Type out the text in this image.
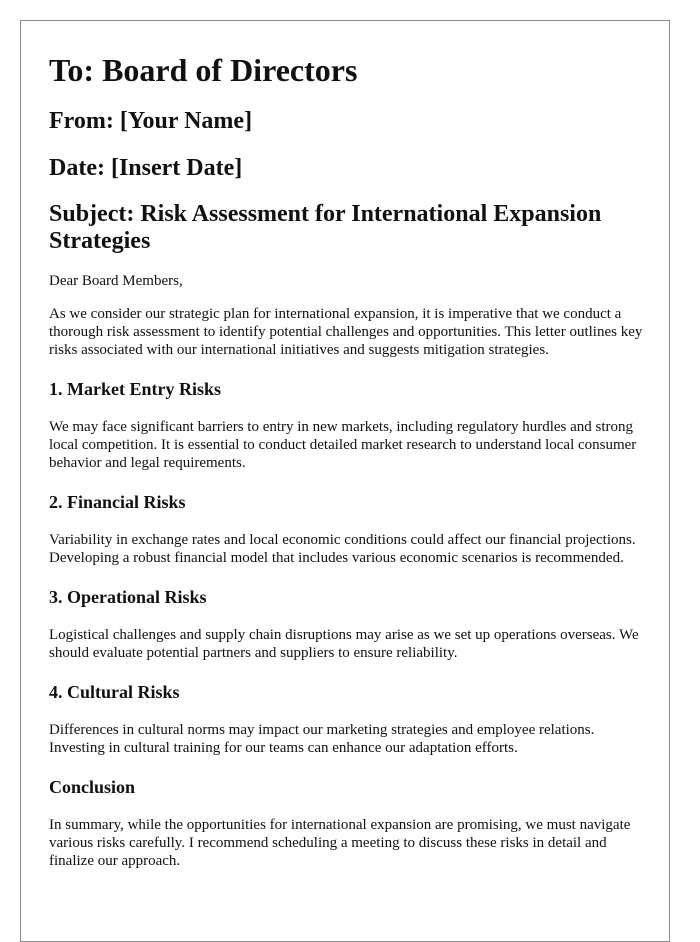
To: Board of Directors
From: [Your Name]
Date: [Insert Date]
Subject: Risk Assessment for International Expansion Strategies

Dear Board Members,

As we consider our strategic plan for international expansion, it is imperative that we conduct a thorough risk assessment to identify potential challenges and opportunities. This letter outlines key risks associated with our international initiatives and suggests mitigation strategies.

1. Market Entry Risks

We may face significant barriers to entry in new markets, including regulatory hurdles and strong local competition. It is essential to conduct detailed market research to understand local consumer behavior and legal requirements.

2. Financial Risks

Variability in exchange rates and local economic conditions could affect our financial projections. Developing a robust financial model that includes various economic scenarios is recommended.

3. Operational Risks

Logistical challenges and supply chain disruptions may arise as we set up operations overseas. We should evaluate potential partners and suppliers to ensure reliability.

4. Cultural Risks

Differences in cultural norms may impact our marketing strategies and employee relations. Investing in cultural training for our teams can enhance our adaptation efforts.

Conclusion

In summary, while the opportunities for international expansion are promising, we must navigate various risks carefully. I recommend scheduling a meeting to discuss these risks in detail and finalize our approach.
